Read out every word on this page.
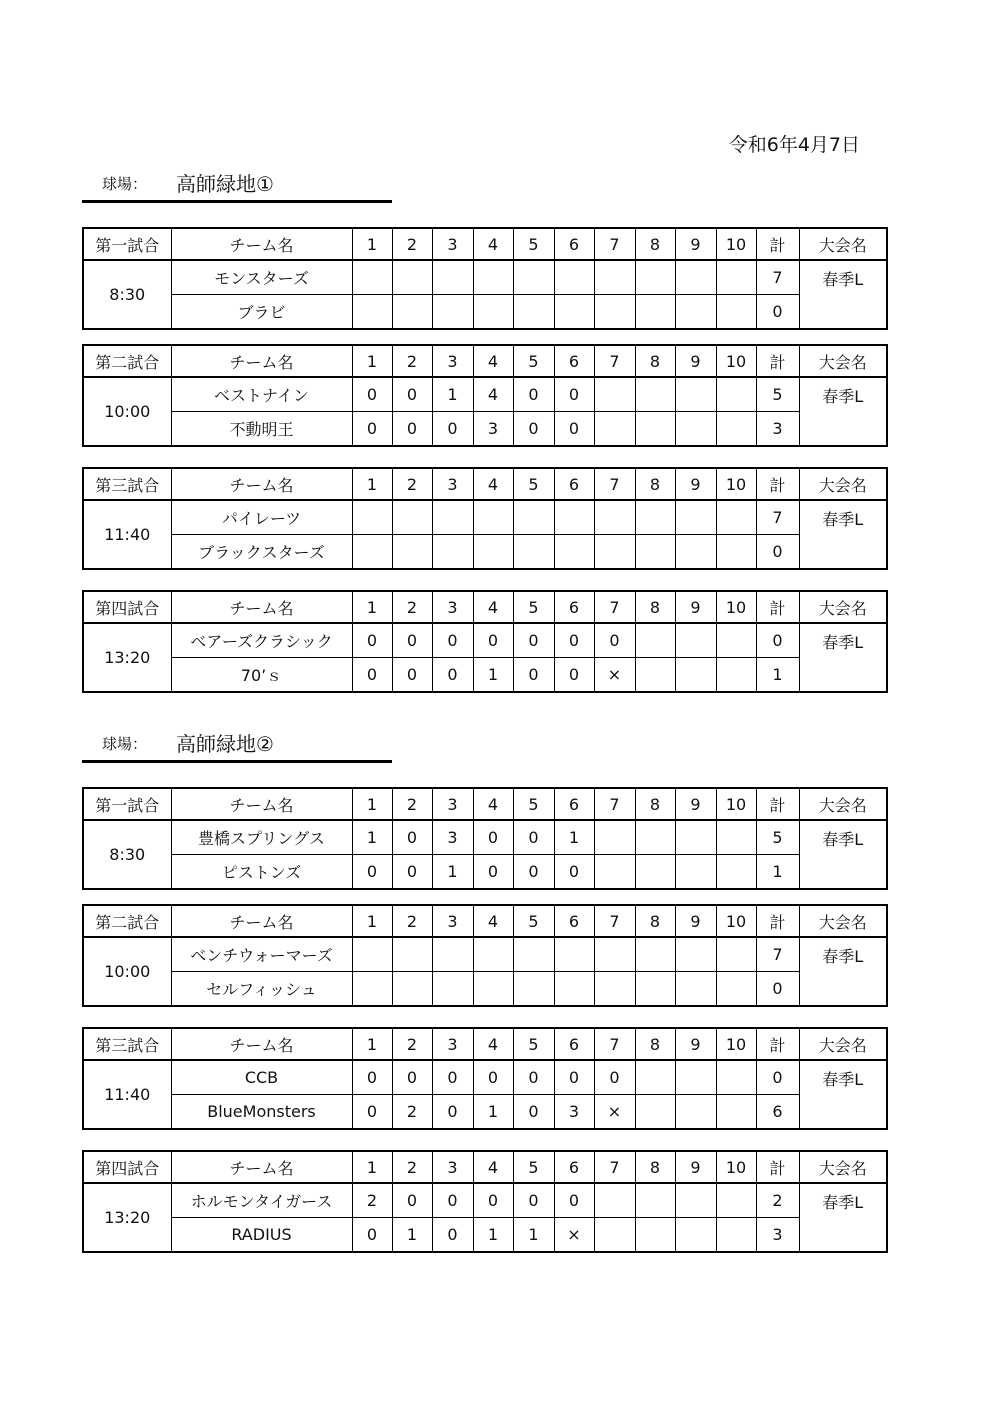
令和6年4月7日
球場： 高師緑地①
第一試合	チーム名	1	2	3	4	5	6	7	8	9	10	計	大会名
8:30	モンスターズ											7	春季L
	ブラビ											0	
第二試合	チーム名	1	2	3	4	5	6	7	8	9	10	計	大会名
10:00	ベストナイン	0	0	1	4	0	0					5	春季L
	不動明王	0	0	0	3	0	0					3	
第三試合	チーム名	1	2	3	4	5	6	7	8	9	10	計	大会名
11:40	パイレーツ											7	春季L
	ブラックスターズ											0	
第四試合	チーム名	1	2	3	4	5	6	7	8	9	10	計	大会名
13:20	ベアーズクラシック	0	0	0	0	0	0	0				0	春季L
	70’ｓ	0	0	0	1	0	0	×				1	
球場： 高師緑地②
第一試合	チーム名	1	2	3	4	5	6	7	8	9	10	計	大会名
8:30	豊橋スプリングス	1	0	3	0	0	1					5	春季L
	ピストンズ	0	0	1	0	0	0					1	
第二試合	チーム名	1	2	3	4	5	6	7	8	9	10	計	大会名
10:00	ベンチウォーマーズ											7	春季L
	セルフィッシュ											0	
第三試合	チーム名	1	2	3	4	5	6	7	8	9	10	計	大会名
11:40	CCB	0	0	0	0	0	0	0				0	春季L
	BlueMonsters	0	2	0	1	0	3	×				6	
第四試合	チーム名	1	2	3	4	5	6	7	8	9	10	計	大会名
13:20	ホルモンタイガース	2	0	0	0	0	0					2	春季L
	RADIUS	0	1	0	1	1	×					3	
